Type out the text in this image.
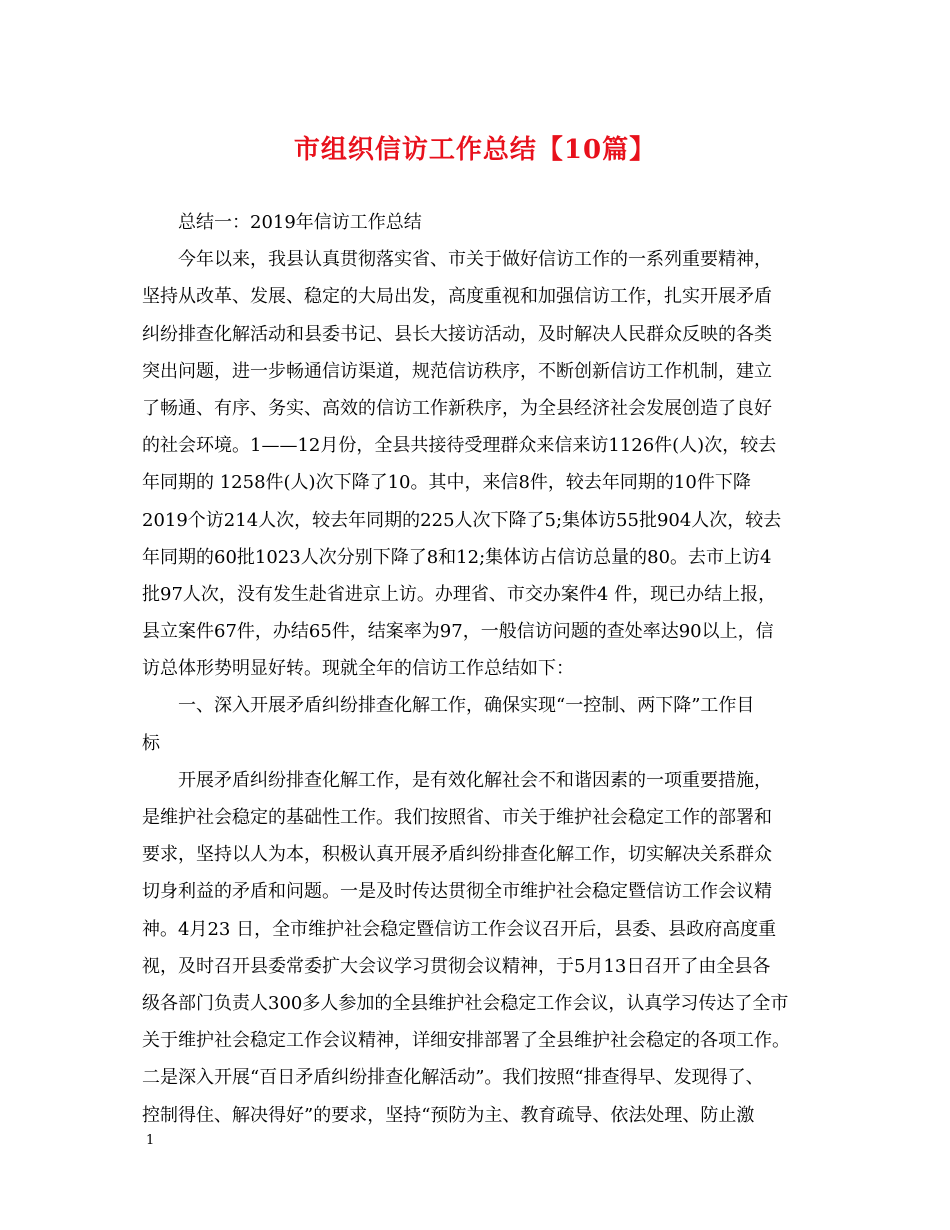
市组织信访工作总结【10篇】
总结一：2019年信访工作总结
今年以来，我县认真贯彻落实省、市关于做好信访工作的一系列重要精神，
坚持从改革、发展、稳定的大局出发，高度重视和加强信访工作，扎实开展矛盾
纠纷排查化解活动和县委书记、县长大接访活动，及时解决人民群众反映的各类
突出问题，进一步畅通信访渠道，规范信访秩序，不断创新信访工作机制，建立
了畅通、有序、务实、高效的信访工作新秩序，为全县经济社会发展创造了良好
的社会环境。1——12月份，全县共接待受理群众来信来访1126件(人)次，较去
年同期的 1258件(人)次下降了10。其中，来信8件，较去年同期的10件下降
2019个访214人次，较去年同期的225人次下降了5;集体访55批904人次，较去
年同期的60批1023人次分别下降了8和12;集体访占信访总量的80。去市上访4
批97人次，没有发生赴省进京上访。办理省、市交办案件4 件，现已办结上报，
县立案件67件，办结65件，结案率为97，一般信访问题的查处率达90以上，信
访总体形势明显好转。现就全年的信访工作总结如下：
一、深入开展矛盾纠纷排查化解工作，确保实现“一控制、两下降”工作目
标
开展矛盾纠纷排查化解工作，是有效化解社会不和谐因素的一项重要措施，
是维护社会稳定的基础性工作。我们按照省、市关于维护社会稳定工作的部署和
要求，坚持以人为本，积极认真开展矛盾纠纷排查化解工作，切实解决关系群众
切身利益的矛盾和问题。一是及时传达贯彻全市维护社会稳定暨信访工作会议精
神。4月23 日，全市维护社会稳定暨信访工作会议召开后，县委、县政府高度重
视，及时召开县委常委扩大会议学习贯彻会议精神，于5月13日召开了由全县各
级各部门负责人300多人参加的全县维护社会稳定工作会议，认真学习传达了全市
关于维护社会稳定工作会议精神，详细安排部署了全县维护社会稳定的各项工作。
二是深入开展“百日矛盾纠纷排查化解活动”。我们按照“排查得早、发现得了、
控制得住、解决得好”的要求，坚持“预防为主、教育疏导、依法处理、防止激
1
